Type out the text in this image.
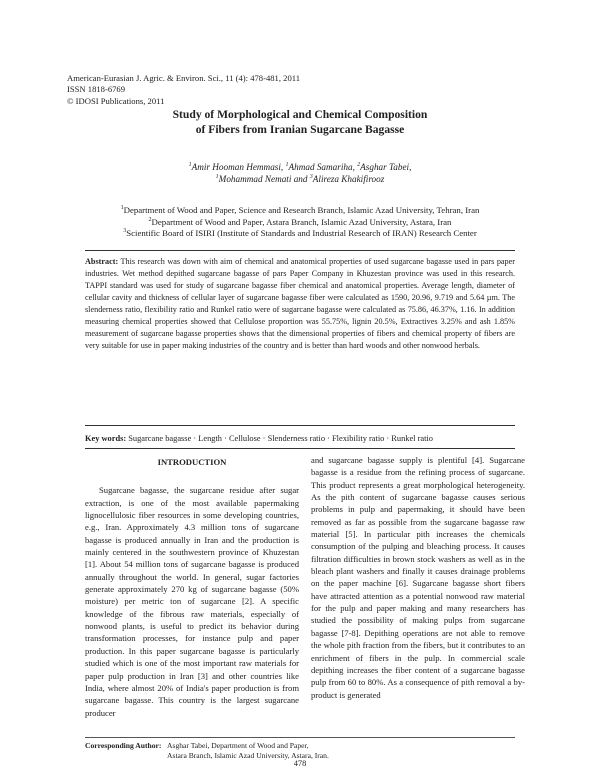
American-Eurasian J. Agric. & Environ. Sci., 11 (4): 478-481, 2011
ISSN 1818-6769
© IDOSI Publications, 2011
Study of Morphological and Chemical Composition
of Fibers from Iranian Sugarcane Bagasse
$^1$Amir Hooman Hemmasi, $^1$Ahmad Samariha, $^2$Asghar Tabei,
$^1$Mohammad Nemati and $^3$Alireza Khakifirooz
$^1$Department of Wood and Paper, Science and Research Branch, Islamic Azad University, Tehran, Iran
$^2$Department of Wood and Paper, Astara Branch, Islamic Azad University, Astara, Iran
$^3$Scientific Board of ISIRI (Institute of Standards and Industrial Research of IRAN) Research Center
Abstract: This research was down with aim of chemical and anatomical properties of used sugarcane bagasse used in pars paper industries. Wet method depithed sugarcane bagasse of pars Paper Company in Khuzestan province was used in this research. TAPPI standard was used for study of sugarcane bagasse fiber chemical and anatomical properties. Average length, diameter of cellular cavity and thickness of cellular layer of sugarcane bagasse fiber were calculated as 1590, 20.96, 9.719 and 5.64 µm. The slenderness ratio, flexibility ratio and Runkel ratio were of sugarcane bagasse were calculated as 75.86, 46.37%, 1.16. In addition measuring chemical properties showed that Cellulose proportion was 55.75%, lignin 20.5%, Extractives 3.25% and ash 1.85% measurement of sugarcane bagasse properties shows that the dimensional properties of fibers and chemical property of fibers are very suitable for use in paper making industries of the country and is better than hard woods and other nonwood herbals.
Key words: Sugarcane bagasse · Length · Cellulose · Slenderness ratio · Flexibility ratio · Runkel ratio
INTRODUCTION

Sugarcane bagasse, the sugarcane residue after sugar extraction, is one of the most available papermaking lignocellulosic fiber resources in some developing countries, e.g., Iran. Approximately 4.3 million tons of sugarcane bagasse is produced annually in Iran and the production is mainly centered in the southwestern province of Khuzestan [1]. About 54 million tons of sugarcane bagasse is produced annually throughout the world. In general, sugar factories generate approximately 270 kg of sugarcane bagasse (50% moisture) per metric ton of sugarcane [2]. A specific knowledge of the fibrous raw materials, especially of nonwood plants, is useful to predict its behavior during transformation processes, for instance pulp and paper production. In this paper sugarcane bagasse is particularly studied which is one of the most important raw materials for paper pulp production in Iran [3] and other countries like India, where almost 20% of India's paper production is from sugarcane bagasse. This country is the largest sugarcane producer

and sugarcane bagasse supply is plentiful [4]. Sugarcane bagasse is a residue from the refining process of sugarcane. This product represents a great morphological heterogeneity. As the pith content of sugarcane bagasse causes serious problems in pulp and papermaking, it should have been removed as far as possible from the sugarcane bagasse raw material [5]. In particular pith increases the chemicals consumption of the pulping and bleaching process. It causes filtration difficulties in brown stock washers as well as in the bleach plant washers and finally it causes drainage problems on the paper machine [6]. Sugarcane bagasse short fibers have attracted attention as a potential nonwood raw material for the pulp and paper making and many researchers has studied the possibility of making pulps from sugarcane bagasse [7-8]. Depithing operations are not able to remove the whole pith fraction from the fibers, but it contributes to an enrichment of fibers in the pulp. In commercial scale depithing increases the fiber content of a sugarcane bagasse pulp from 60 to 80%. As a consequence of pith removal a by-product is generated

Corresponding Author: Asghar Tabei, Department of Wood and Paper,
Astara Branch, Islamic Azad University, Astara, Iran.
478
